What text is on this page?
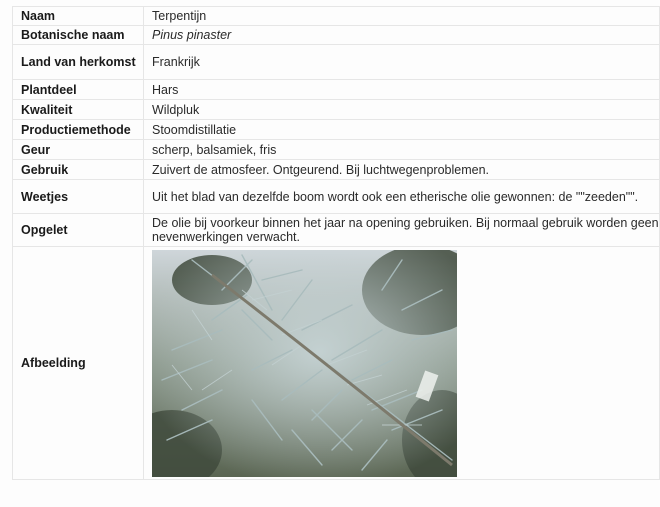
Naam	Terpentijn
Botanische naam	Pinus pinaster
Land van herkomst	Frankrijk
Plantdeel	Hars
Kwaliteit	Wildpluk
Productiemethode	Stoomdistillatie
Geur	scherp, balsamiek, fris
Gebruik	Zuivert de atmosfeer. Ontgeurend. Bij luchtwegenproblemen.
Weetjes	Uit het blad van dezelfde boom wordt ook een etherische olie gewonnen: de ""zeeden"".
Opgelet	De olie bij voorkeur binnen het jaar na opening gebruiken. Bij normaal gebruik worden geen nevenwerkingen verwacht.
Afbeelding	
